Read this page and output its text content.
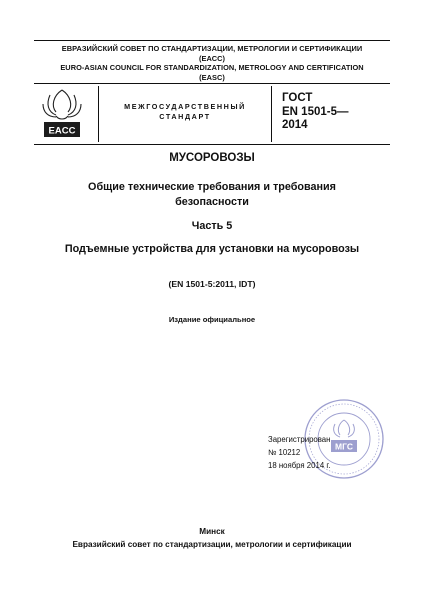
ЕВРАЗИЙСКИЙ СОВЕТ ПО СТАНДАРТИЗАЦИИ, МЕТРОЛОГИИ И СЕРТИФИКАЦИИ
(ЕАСС)
EURO-ASIAN COUNCIL FOR STANDARDIZATION, METROLOGY AND CERTIFICATION
(EASC)
EACC
МЕЖГОСУДАРСТВЕННЫЙ
СТАНДАРТ
ГОСТ
EN 1501-5—
2014
МУСОРОВОЗЫ
Общие технические требования и требования
безопасности
Часть 5
Подъемные устройства для установки на мусоровозы
(EN 1501-5:2011, IDT)
Издание официальное
МГС
Зарегистрирован
№ 10212
18 ноября 2014 г.
Минск
Евразийский совет по стандартизации, метрологии и сертификации
